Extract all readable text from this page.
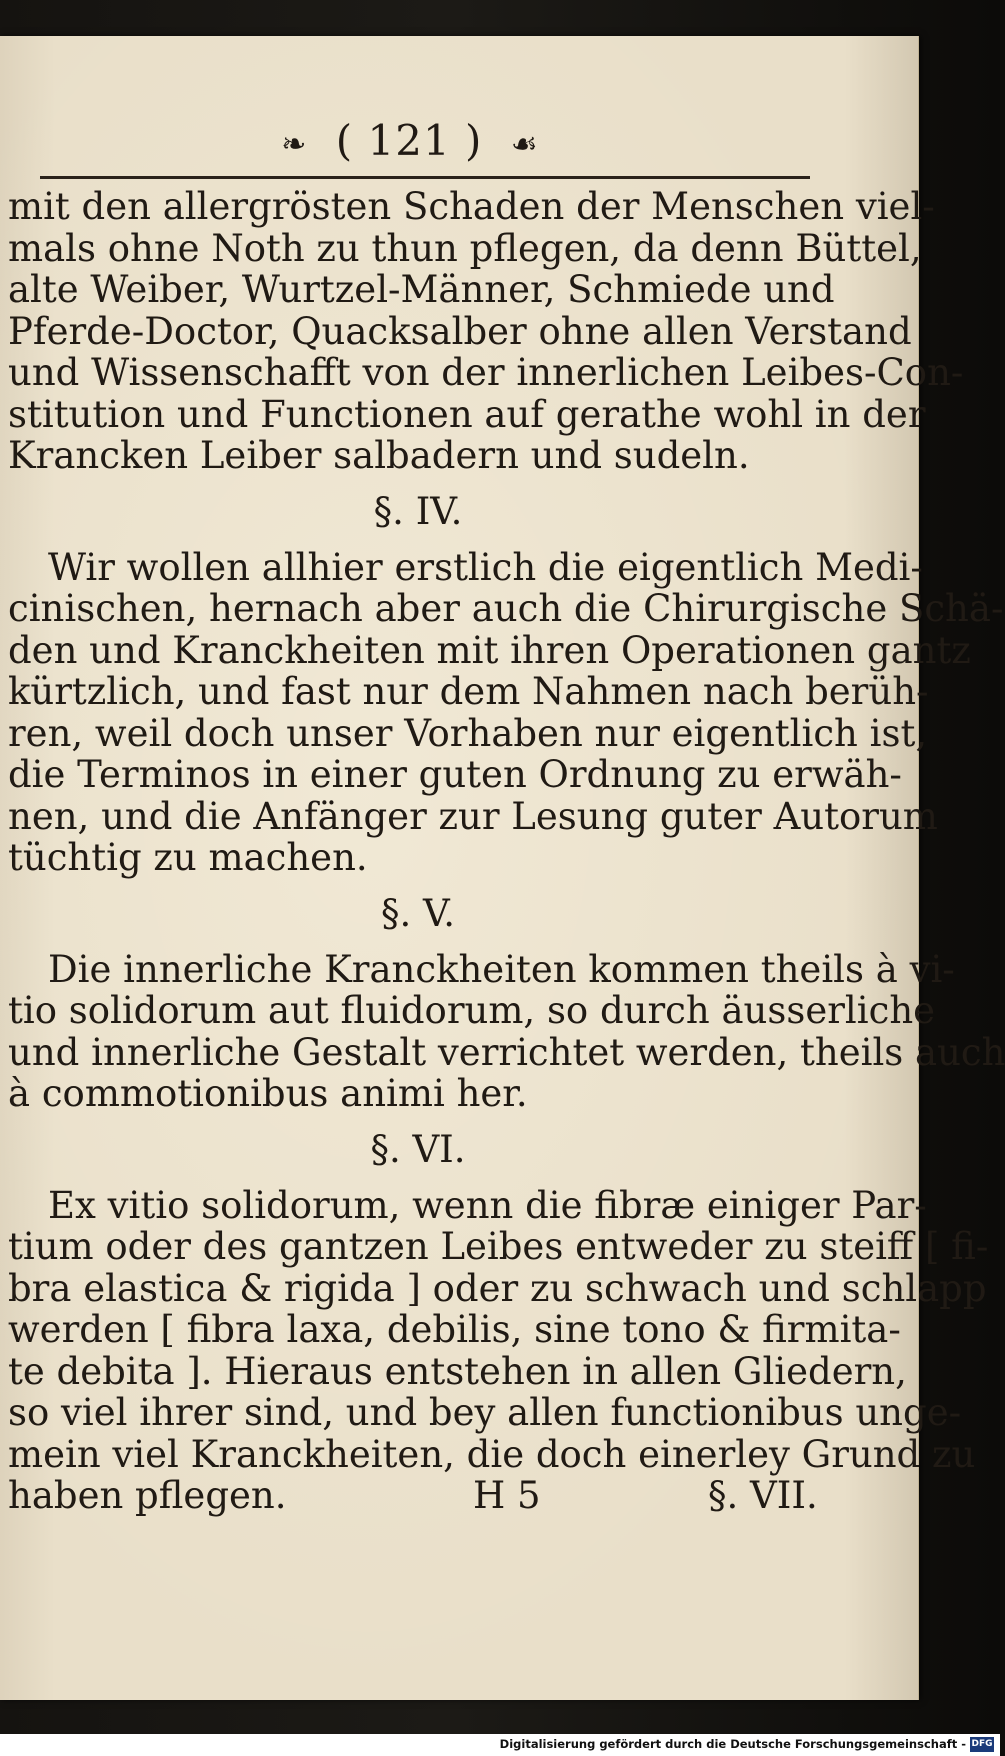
❧ ( 121 ) ☙
mit den allergrösten Schaden der Menschen viel-
mals ohne Noth zu thun pflegen, da denn Büttel,
alte Weiber, Wurtzel-Männer, Schmiede und
Pferde-Doctor, Quacksalber ohne allen Verstand
und Wissenschafft von der innerlichen Leibes-Con-
stitution und Functionen auf gerathe wohl in der
Krancken Leiber salbadern und sudeln.
§. IV.
Wir wollen allhier erstlich die eigentlich Medi-
cinischen, hernach aber auch die Chirurgische Schä-
den und Kranckheiten mit ihren Operationen gantz
kürtzlich, und fast nur dem Nahmen nach berüh-
ren, weil doch unser Vorhaben nur eigentlich ist,
die Terminos in einer guten Ordnung zu erwäh-
nen, und die Anfänger zur Lesung guter Autorum
tüchtig zu machen.
§. V.
Die innerliche Kranckheiten kommen theils à vi-
tio solidorum aut fluidorum, so durch äusserliche
und innerliche Gestalt verrichtet werden, theils auch
à commotionibus animi her.
§. VI.
Ex vitio solidorum, wenn die fibræ einiger Par-
tium oder des gantzen Leibes entweder zu steiff [ fi-
bra elastica & rigida ] oder zu schwach und schlapp
werden [ fibra laxa, debilis, sine tono & firmita-
te debita ]. Hieraus entstehen in allen Gliedern,
so viel ihrer sind, und bey allen functionibus unge-
mein viel Kranckheiten, die doch einerley Grund zu
haben pflegen.	H 5	§. VII.
Digitalisierung gefördert durch die Deutsche Forschungsgemeinschaft - DFG
